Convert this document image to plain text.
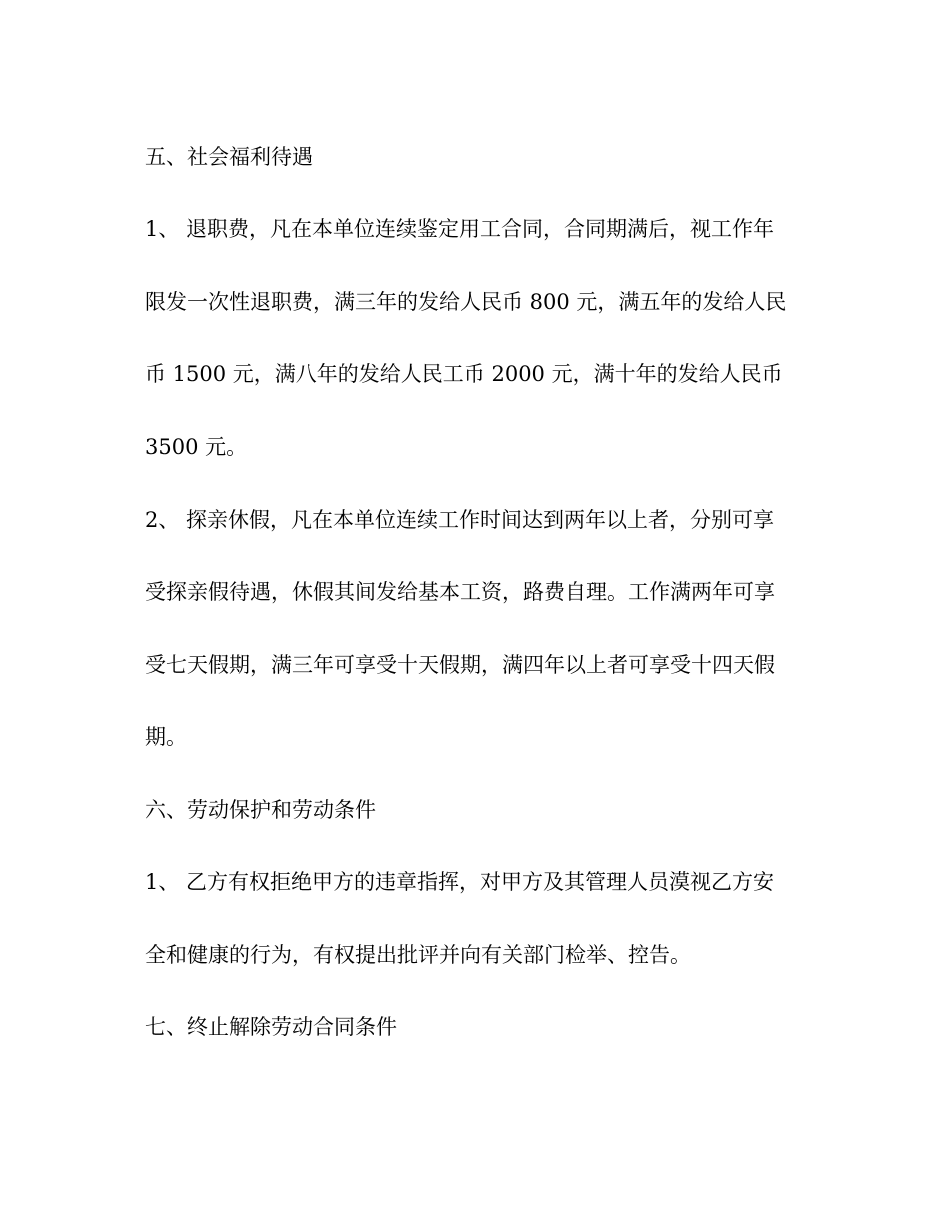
五、社会福利待遇
1、 退职费，凡在本单位连续鉴定用工合同，合同期满后，视工作年
限发一次性退职费，满三年的发给人民币 800 元，满五年的发给人民
币 1500 元，满八年的发给人民工币 2000 元，满十年的发给人民币
3500 元。
2、 探亲休假，凡在本单位连续工作时间达到两年以上者，分别可享
受探亲假待遇，休假其间发给基本工资，路费自理。工作满两年可享
受七天假期，满三年可享受十天假期，满四年以上者可享受十四天假
期。
六、劳动保护和劳动条件
1、 乙方有权拒绝甲方的违章指挥，对甲方及其管理人员漠视乙方安
全和健康的行为，有权提出批评并向有关部门检举、控告。
七、终止解除劳动合同条件
